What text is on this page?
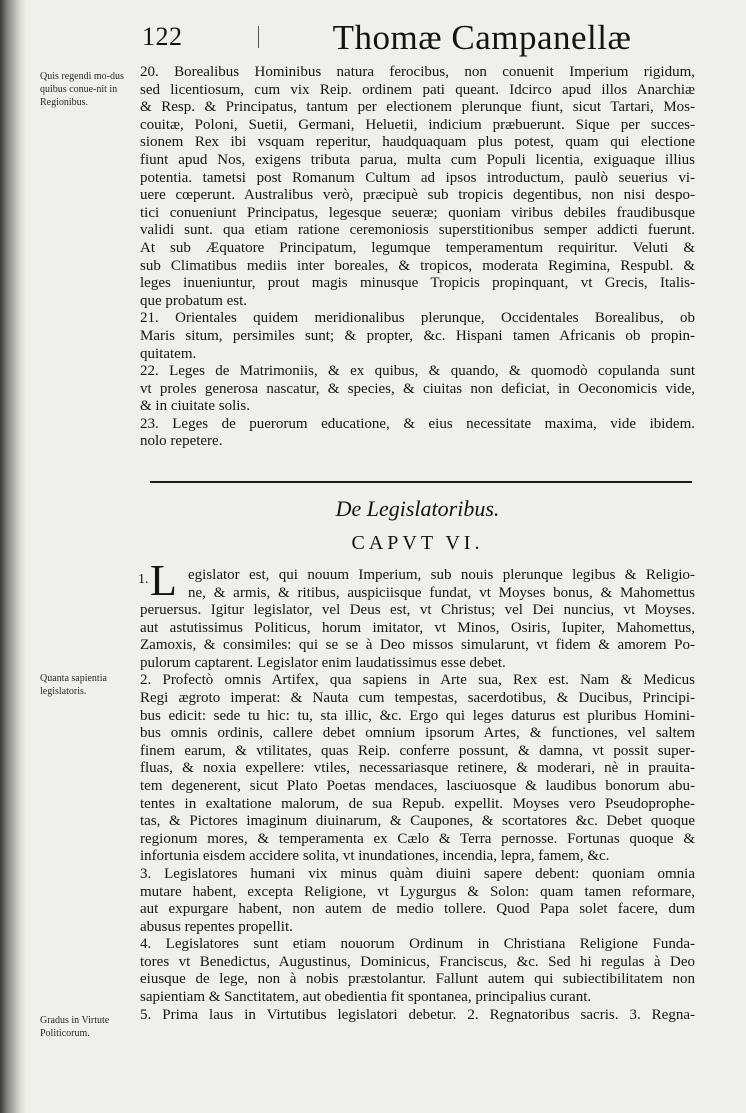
122	Thomæ Campanellæ
Quis regendi mo-dus quibus conue-nit in Regionibus.
Quanta sapientia legislatoris.
Gradus in Virtute Politicorum.
20. Borealibus Hominibus natura ferocibus, non conuenit Imperium rigidum,
sed licentiosum, cum vix Reip. ordinem pati queant. Idcirco apud illos Anarchiæ
& Resp. & Principatus, tantum per electionem plerunque fiunt, sicut Tartari, Mos-
couitæ, Poloni, Suetii, Germani, Heluetii, indicium præbuerunt. Sique per succes-
sionem Rex ibi vsquam reperitur, haudquaquam plus potest, quam qui electione
fiunt apud Nos, exigens tributa parua, multa cum Populi licentia, exiguaque illius
potentia. tametsi post Romanum Cultum ad ipsos introductum, paulò seuerius vi-
uere cœperunt. Australibus verò, præcipuè sub tropicis degentibus, non nisi despo-
tici conueniunt Principatus, legesque seueræ; quoniam viribus debiles fraudibusque
validi sunt. qua etiam ratione ceremoniosis superstitionibus semper addicti fuerunt.
At sub Æquatore Principatum, legumque temperamentum requiritur. Veluti &
sub Climatibus mediis inter boreales, & tropicos, moderata Regimina, Respubl. &
leges inueniuntur, prout magis minusque Tropicis propinquant, vt Grecis, Italis-
que probatum est.
21. Orientales quidem meridionalibus plerunque, Occidentales Borealibus, ob
Maris situm, persimiles sunt; & propter, &c. Hispani tamen Africanis ob propin-
quitatem.
22. Leges de Matrimoniis, & ex quibus, & quando, & quomodò copulanda sunt
vt proles generosa nascatur, & species, & ciuitas non deficiat, in Oeconomicis vide,
& in ciuitate solis.
23. Leges de puerorum educatione, & eius necessitate maxima, vide ibidem.
nolo repetere.
De Legislatoribus.
CAPVT VI.
1. L egislator est, qui nouum Imperium, sub nouis plerunque legibus & Religio-
ne, & armis, & ritibus, auspiciisque fundat, vt Moyses bonus, & Mahomettus
peruersus. Igitur legislator, vel Deus est, vt Christus; vel Dei nuncius, vt Moyses.
aut astutissimus Politicus, horum imitator, vt Minos, Osiris, Iupiter, Mahomettus,
Zamoxis, & consimiles: qui se se à Deo missos simularunt, vt fidem & amorem Po-
pulorum captarent. Legislator enim laudatissimus esse debet.
2. Profectò omnis Artifex, qua sapiens in Arte sua, Rex est. Nam & Medicus
Regi ægroto imperat: & Nauta cum tempestas, sacerdotibus, & Ducibus, Principi-
bus edicit: sede tu hic: tu, sta illic, &c. Ergo qui leges daturus est pluribus Homini-
bus omnis ordinis, callere debet omnium ipsorum Artes, & functiones, vel saltem
finem earum, & vtilitates, quas Reip. conferre possunt, & damna, vt possit super-
fluas, & noxia expellere: vtiles, necessariasque retinere, & moderari, nè in prauita-
tem degenerent, sicut Plato Poetas mendaces, lasciuosque & laudibus bonorum abu-
tentes in exaltatione malorum, de sua Repub. expellit. Moyses vero Pseudoprophe-
tas, & Pictores imaginum diuinarum, & Caupones, & scortatores &c. Debet quoque
regionum mores, & temperamenta ex Cælo & Terra pernosse. Fortunas quoque &
infortunia eisdem accidere solita, vt inundationes, incendia, lepra, famem, &c.
3. Legislatores humani vix minus quàm diuini sapere debent: quoniam omnia
mutare habent, excepta Religione, vt Lygurgus & Solon: quam tamen reformare,
aut expurgare habent, non autem de medio tollere. Quod Papa solet facere, dum
abusus repentes propellit.
4. Legislatores sunt etiam nouorum Ordinum in Christiana Religione Funda-
tores vt Benedictus, Augustinus, Dominicus, Franciscus, &c. Sed hi regulas à Deo
eiusque de lege, non à nobis præstolantur. Fallunt autem qui subiectibilitatem non
sapientiam & Sanctitatem, aut obedientia fit spontanea, principalius curant.
5. Prima laus in Virtutibus legislatori debetur. 2. Regnatoribus sacris. 3. Regna-
